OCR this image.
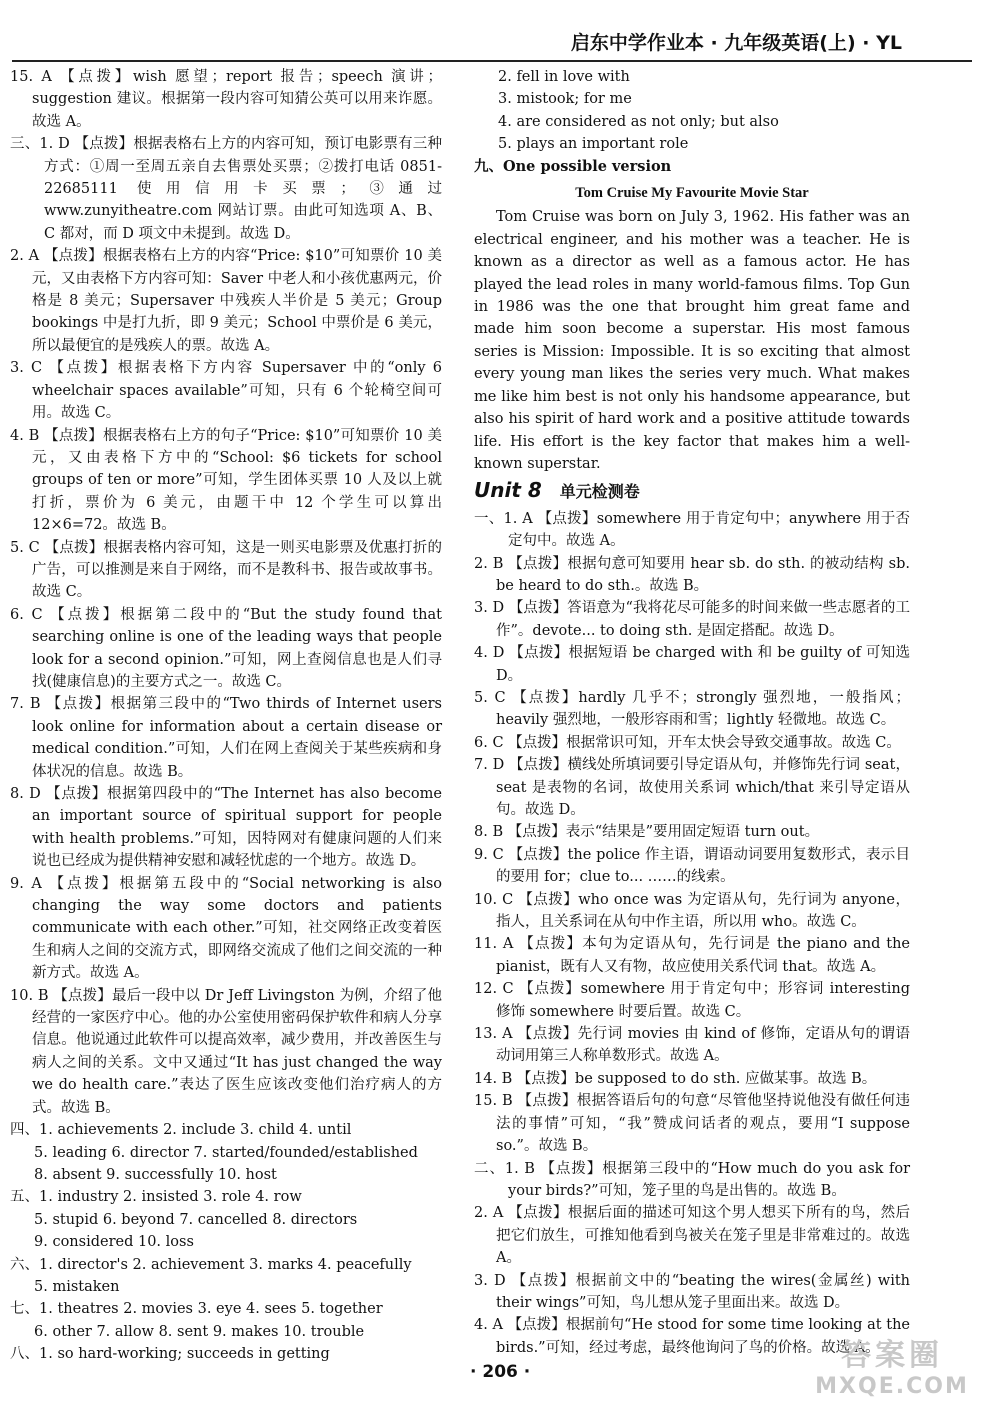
启东中学作业本 · 九年级英语(上) · YL

15. A 【点拨】wish 愿望；report 报告；speech 演讲；suggestion 建议。根据第一段内容可知猜公英可以用来诈愿。故选 A。

三、1. D 【点拨】根据表格右上方的内容可知，预订电影票有三种方式：①周一至周五亲自去售票处买票；②拨打电话 0851-22685111 使用信用卡买票；③通过 www.zunyitheatre.com 网站订票。由此可知选项 A、B、C 都对，而 D 项文中未提到。故选 D。

2. A 【点拨】根据表格右上方的内容“Price: $10”可知票价 10 美元，又由表格下方内容可知：Saver 中老人和小孩优惠两元，价格是 8 美元；Supersaver 中残疾人半价是 5 美元；Group bookings 中是打九折，即 9 美元；School 中票价是 6 美元，所以最便宜的是残疾人的票。故选 A。

3. C 【点拨】根据表格下方内容 Supersaver 中的“only 6 wheelchair spaces available”可知，只有 6 个轮椅空间可用。故选 C。

4. B 【点拨】根据表格右上方的句子“Price: $10”可知票价 10 美元，又由表格下方中的“School: $6 tickets for school groups of ten or more”可知，学生团体买票 10 人及以上就打折，票价为 6 美元，由题干中 12 个学生可以算出 12×6=72。故选 B。

5. C 【点拨】根据表格内容可知，这是一则买电影票及优惠打折的广告，可以推测是来自于网络，而不是教科书、报告或故事书。故选 C。

6. C 【点拨】根据第二段中的“But the study found that searching online is one of the leading ways that people look for a second opinion.”可知，网上查阅信息也是人们寻找(健康信息)的主要方式之一。故选 C。

7. B 【点拨】根据第三段中的“Two thirds of Internet users look online for information about a certain disease or medical condition.”可知，人们在网上查阅关于某些疾病和身体状况的信息。故选 B。

8. D 【点拨】根据第四段中的“The Internet has also become an important source of spiritual support for people with health problems.”可知，因特网对有健康问题的人们来说也已经成为提供精神安慰和减轻忧虑的一个地方。故选 D。

9. A 【点拨】根据第五段中的“Social networking is also changing the way some doctors and patients communicate with each other.”可知，社交网络正改变着医生和病人之间的交流方式，即网络交流成了他们之间交流的一种新方式。故选 A。

10. B 【点拨】最后一段中以 Dr Jeff Livingston 为例，介绍了他经营的一家医疗中心。他的办公室使用密码保护软件和病人分享信息。他说通过此软件可以提高效率，减少费用，并改善医生与病人之间的关系。文中又通过“It has just changed the way we do health care.”表达了医生应该改变他们治疗病人的方式。故选 B。

四、1. achievements 2. include 3. child 4. until

5. leading 6. director 7. started/founded/established

8. absent 9. successfully 10. host

五、1. industry 2. insisted 3. role 4. row

5. stupid 6. beyond 7. cancelled 8. directors

9. considered 10. loss

六、1. director's 2. achievement 3. marks 4. peacefully

5. mistaken

七、1. theatres 2. movies 3. eye 4. sees 5. together

6. other 7. allow 8. sent 9. makes 10. trouble

八、1. so hard-working; succeeds in getting

2. fell in love with
3. mistook; for me
4. are considered as not only; but also
5. plays an important role

九、One possible version

Tom Cruise My Favourite Movie Star

Tom Cruise was born on July 3, 1962. His father was an electrical engineer, and his mother was a teacher. He is known as a director as well as a famous actor. He has played the lead roles in many world-famous films. Top Gun in 1986 was the one that brought him great fame and made him soon become a superstar. His most famous series is Mission: Impossible. It is so exciting that almost every young man likes the series very much. What makes me like him best is not only his handsome appearance, but also his spirit of hard work and a positive attitude towards life. His effort is the key factor that makes him a well-known superstar.

Unit 8 单元检测卷

一、1. A 【点拨】somewhere 用于肯定句中；anywhere 用于否定句中。故选 A。

2. B 【点拨】根据句意可知要用 hear sb. do sth. 的被动结构 sb. be heard to do sth.。故选 B。

3. D 【点拨】答语意为“我将花尽可能多的时间来做一些志愿者的工作”。devote... to doing sth. 是固定搭配。故选 D。

4. D 【点拨】根据短语 be charged with 和 be guilty of 可知选 D。

5. C 【点拨】hardly 几乎不；strongly 强烈地，一般指风；heavily 强烈地，一般形容雨和雪；lightly 轻微地。故选 C。

6. C 【点拨】根据常识可知，开车太快会导致交通事故。故选 C。

7. D 【点拨】横线处所填词要引导定语从句，并修饰先行词 seat，seat 是表物的名词，故使用关系词 which/that 来引导定语从句。故选 D。

8. B 【点拨】表示“结果是”要用固定短语 turn out。

9. C 【点拨】the police 作主语，谓语动词要用复数形式，表示目的要用 for；clue to... ……的线索。

10. C 【点拨】who once was 为定语从句，先行词为 anyone，指人，且关系词在从句中作主语，所以用 who。故选 C。

11. A 【点拨】本句为定语从句，先行词是 the piano and the pianist，既有人又有物，故应使用关系代词 that。故选 A。

12. C 【点拨】somewhere 用于肯定句中；形容词 interesting 修饰 somewhere 时要后置。故选 C。

13. A 【点拨】先行词 movies 由 kind of 修饰，定语从句的谓语动词用第三人称单数形式。故选 A。

14. B 【点拨】be supposed to do sth. 应做某事。故选 B。

15. B 【点拨】根据答语后句的句意“尽管他坚持说他没有做任何违法的事情”可知，“我”赞成问话者的观点，要用“I suppose so.”。故选 B。

二、1. B 【点拨】根据第三段中的“How much do you ask for your birds?”可知，笼子里的鸟是出售的。故选 B。

2. A 【点拨】根据后面的描述可知这个男人想买下所有的鸟，然后把它们放生，可推知他看到鸟被关在笼子里是非常难过的。故选 A。

3. D 【点拨】根据前文中的“beating the wires(金属丝) with their wings”可知，鸟儿想从笼子里面出来。故选 D。

4. A 【点拨】根据前句“He stood for some time looking at the birds.”可知，经过考虑，最终他询问了鸟的价格。故选 A。

· 206 ·	答案圈
MXQE.COM
